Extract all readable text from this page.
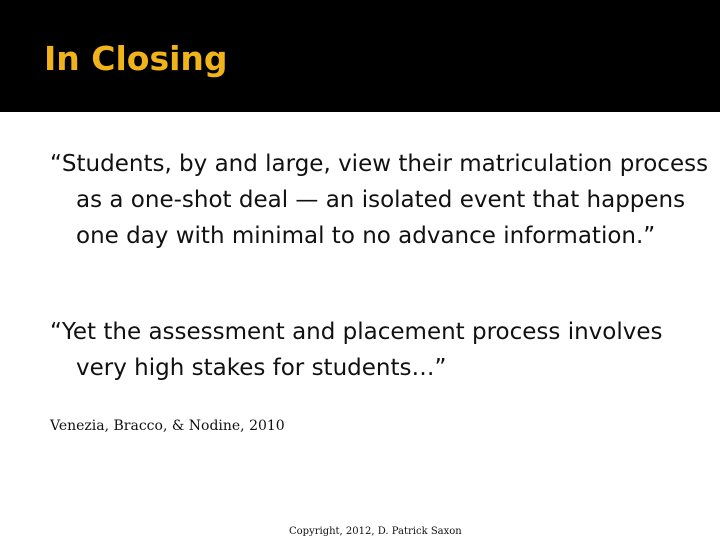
In Closing

“Students, by and large, view their matriculation process as a one-shot deal — an isolated event that happens one day with minimal to no advance information.”

“Yet the assessment and placement process involves very high stakes for students…”

Venezia, Bracco, & Nodine, 2010

Copyright, 2012, D. Patrick Saxon
